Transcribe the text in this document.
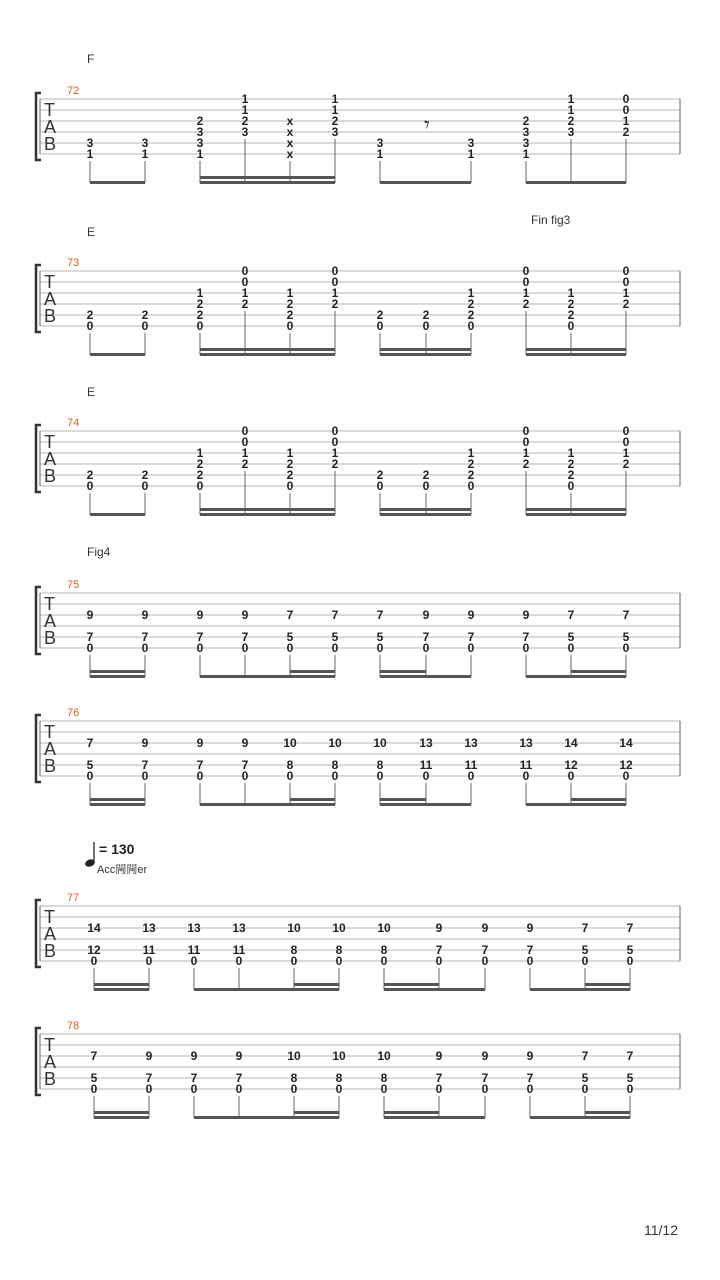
T
A
B
72
F
3
1
3
1
2
3
3
1
1
1
2
3
x
x
x
x
1
1
2
3
3
1
𝄾
3
1
2
3
3
1
1
1
2
3
0
0
1
2
T
A
B
73
E
Fin fig3
2
0
2
0
1
2
2
0
0
0
1
2
1
2
2
0
0
0
1
2
2
0
2
0
1
2
2
0
0
0
1
2
1
2
2
0
0
0
1
2
T
A
B
74
E
2
0
2
0
1
2
2
0
0
0
1
2
1
2
2
0
0
0
1
2
2
0
2
0
1
2
2
0
0
0
1
2
1
2
2
0
0
0
1
2
T
A
B
75
Fig4
9
7
0
9
7
0
9
7
0
9
7
0
7
5
0
7
5
0
7
5
0
9
7
0
9
7
0
9
7
0
7
5
0
7
5
0
T
A
B
76
7
5
0
9
7
0
9
7
0
9
7
0
10
8
0
10
8
0
10
8
0
13
11
0
13
11
0
13
11
0
14
12
0
14
12
0
T
A
B
77
14
12
0
13
11
0
13
11
0
13
11
0
10
8
0
10
8
0
10
8
0
9
7
0
9
7
0
9
7
0
7
5
0
7
5
0
T
A
B
78
7
5
0
9
7
0
9
7
0
9
7
0
10
8
0
10
8
0
10
8
0
9
7
0
9
7
0
9
7
0
7
5
0
7
5
0
= 130
Acc闁闁er
11/12
